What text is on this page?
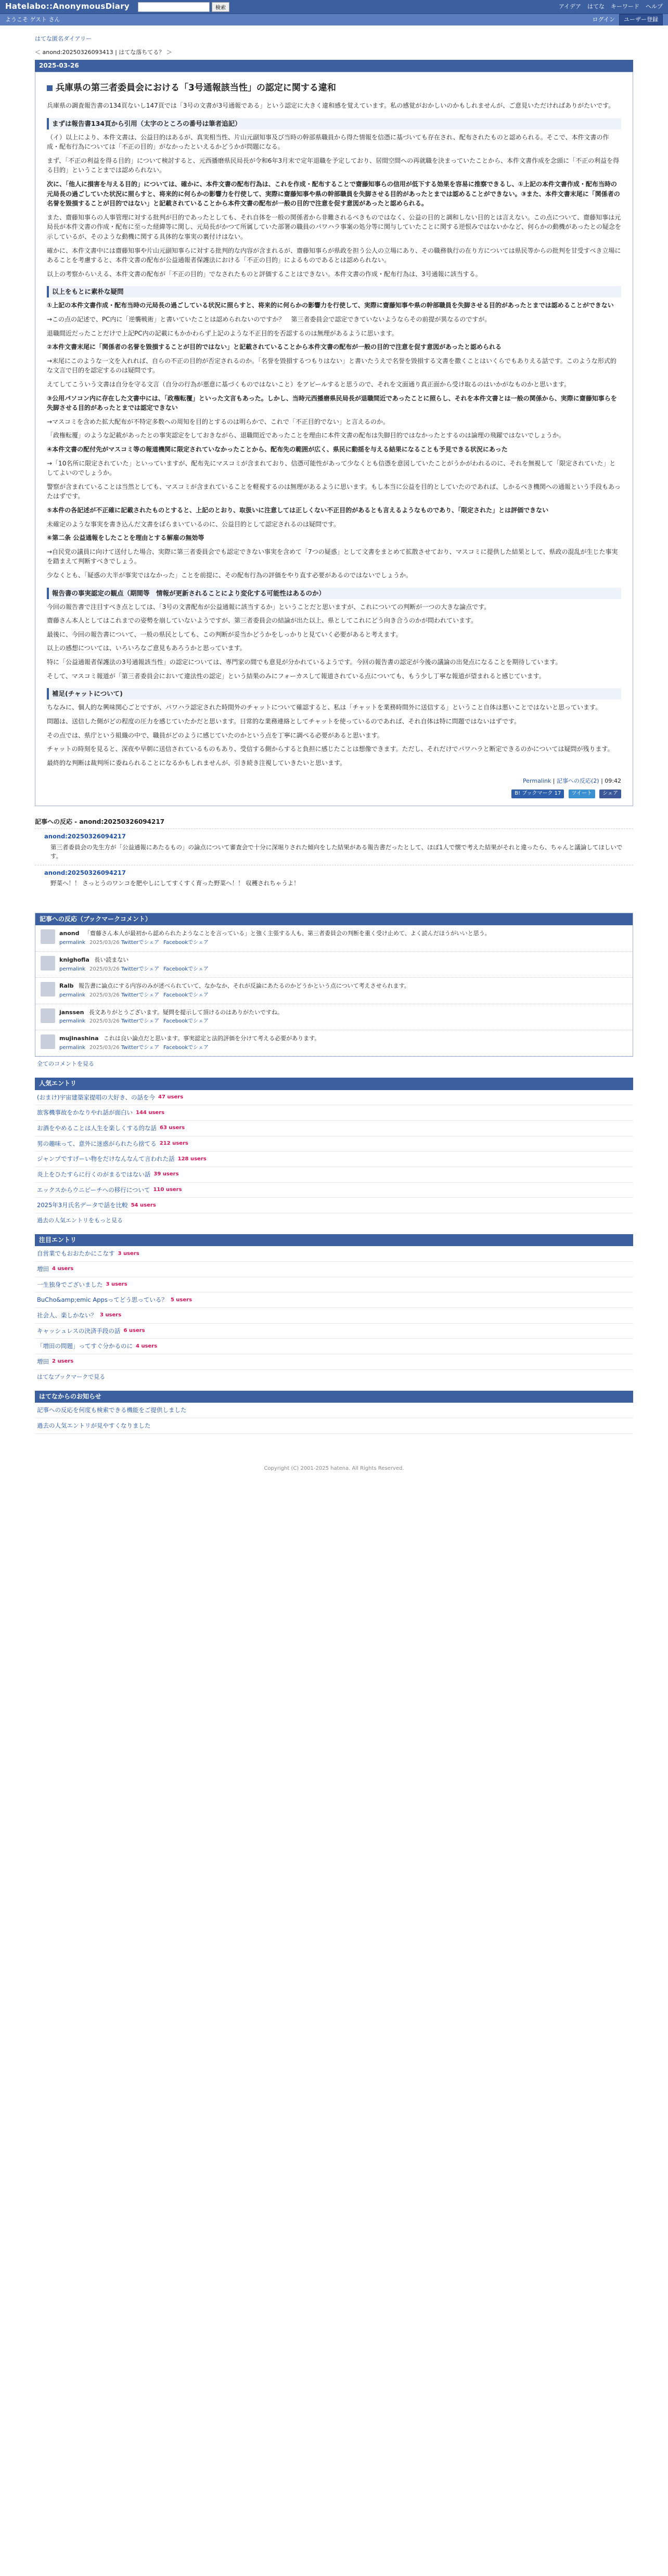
Hatelabo::AnonymousDiary	検索	アイデア はてな キーワード ヘルプ
ようこそ ゲスト さん	ログイン	ユーザー登録
はてな匿名ダイアリー
＜ anond:20250326093413 | はてな落ちてる？ ＞
2025-03-26
兵庫県の第三者委員会における「3号通報該当性」の認定に関する違和

兵庫県の調査報告書の134頁ないし147頁では「3号の文書が3号通報である」という認定に大きく違和感を覚えています。私の感覚がおかしいのかもしれませんが、ご意見いただければありがたいです。

まずは報告書134頁から引用（太字のところの番号は筆者追記）

（イ）以上により、本件文書は、公益目的はあるが、真実相当性、片山元副知事及び当時の幹部県職員から得た情報を信憑に基づいても存在され、配布されたものと認められる。そこで、本件文書の作成・配布行為については「不正の目的」がなかったといえるかどうかが問題になる。

まず、「不正の利益を得る目的」について検討すると、元西播磨県民局長が令和6年3月末で定年退職を予定しており、居間空間への再就職を決まっていたことから、本件文書作成を念頭に「不正の利益を得る目的」ということまでは認められない。

次に、「他人に損害を与える目的」については、確かに、本件文書の配布行為は、これを作成・配布することで齋藤知事らの信用が低下する効果を容易に推察できるし、①上記の本件文書作成・配布当時の元局長の過ごしていた状況に照らすと、将来的に何らかの影響力を行使して、実際に齋藤知事や県の幹部職員を失脚させる目的があったとまでは認めることができない。③また、本件文書末尾に「関係者の名誉を毀損することが目的ではない」と記載されていることから本件文書の配布が一般の目的で注意を促す意図があったと認められる。

また、齋藤知事らの人事管理に対する批判が目的であったとしても、それ自体を一般の関係者から非難されるべきものではなく、公益の目的と調和しない目的とは言えない。この点について、齋藤知事は元局長が本件文書の作成・配布に至った経緯等に関し、元局長がかつて所属していた部署の職員のパワハラ事案の処分等に関与していたことに関する逆恨みではないかなど、何らかの動機があったとの疑念を示しているが、そのような動機に関する具体的な事実の裏付けはない。

確かに、本件文書中には齋藤知事や片山元副知事らに対する批判的な内容が含まれるが、齋藤知事らが県政を担う公人の立場にあり、その職務執行の在り方については県民等からの批判を甘受すべき立場にあることを考慮すると、本件文書の配布が公益通報者保護法における「不正の目的」によるものであるとは認められない。

以上の考察からいえる、本件文書の配布が「不正の目的」でなされたものと評価することはできない。本件文書の作成・配布行為は、3号通報に該当する。

以上をもとに素朴な疑問

①上記の本件文書作成・配布当時の元局長の過ごしている状況に照らすと、将来的に何らかの影響力を行使して、実際に齋藤知事や県の幹部職員を失脚させる目的があったとまでは認めることができない

→この点の記述で、PC内に「逆襲戦術」と書いていたことは認められないのですか？　第三者委員会で認定できていないようならその前提が異なるのですが。

退職間近だったことだけで上記PC内の記載にもかかわらず上記のような不正目的を否認するのは無理があるように思います。

②本件文書末尾に「関係者の名誉を毀損することが目的ではない」と記載されていることから本件文書の配布が一般の目的で注意を促す意図があったと認められる

→末尾にこのような一文を入れれば、自らの不正の目的が否定されるのか。「名誉を毀損するつもりはない」と書いたうえで名誉を毀損する文書を撒くことはいくらでもありえる話です。このような形式的な文言で目的を認定するのは疑問です。

えてしてこういう文書は自分を守る文言（自分の行為が悪意に基づくものではないこと）をアピールすると思うので、それを文面通り真正面から受け取るのはいかがなものかと思います。

③公用パソコン内に存在した文書中には、「政権転覆」といった文言もあった。しかし、当時元西播磨県民局長が退職間近であったことに照らし、それを本件文書とは一般の関係から、実際に齋藤知事らを失脚させる目的があったとまでは認定できない

→マスコミを含めた拡大配布が不特定多数への周知を目的とするのは明らかで、これで「不正目的でない」と言えるのか。

「政権転覆」のような記載があったとの事実認定をしておきながら、退職間近であったことを理由に本件文書の配布は失脚目的ではなかったとするのは論理の飛躍ではないでしょうか。

④本件文書の配付先がマスコミ等の報道機関に限定されていなかったことから、配布先の範囲が広く、県民に動揺を与える結果になることも予見できる状況にあった

→「10名所に限定されていた」といっていますが、配布先にマスコミが含まれており、信憑可能性があって少なくとも信憑を意図していたことがうかがわれるのに、それを無視して「限定されていた」としてよいのでしょうか。

警察が含まれていることは当然としても、マスコミが含まれていることを軽視するのは無理があるように思います。もし本当に公益を目的としていたのであれば、しかるべき機関への通報という手段もあったはずです。

⑤本件の各記述が不正確に記載されたものとすると、上記のとおり、取扱いに注意しては正しくない不正目的があるとも言えるようなものであり、「限定された」とは評価できない

未確定のような事実を書き込んだ文書をばらまいているのに、公益目的として認定されるのは疑問です。

⑥第二条 公益通報をしたことを理由とする解雇の無効等

→自民党の議員に向けて送付した場合、実際に第三者委員会でも認定できない事実を含めて「7つの疑惑」として文書をまとめて拡散させており、マスコミに提供した結果として、県政の混乱が生じた事実を踏まえて判断すべきでしょう。

少なくとも、「疑惑の大半が事実ではなかった」ことを前提に、その配布行為の評価をやり直す必要があるのではないでしょうか。

報告書の事実認定の観点（期間等　情報が更新されることにより変化する可能性はあるのか）

今回の報告書で注目すべき点としては、「3号の文書配布が公益通報に該当するか」ということだと思いますが、これについての判断が一つの大きな論点です。

齋藤さん本人としてはこれまでの姿勢を崩していないようですが、第三者委員会の結論が出た以上、県としてこれにどう向き合うのかが問われています。

最後に、今回の報告書について、一般の県民としても、この判断が妥当かどうかをしっかりと見ていく必要があると考えます。

以上の感想については、いろいろなご意見もあろうかと思っています。

特に「公益通報者保護法の3号通報該当性」の認定については、専門家の間でも意見が分かれているようです。今回の報告書の認定が今後の議論の出発点になることを期待しています。

そして、マスコミ報道が「第三者委員会において違法性の認定」という結果のみにフォーカスして報道されている点についても、もう少し丁寧な報道が望まれると感じています。

補足(チャットについて)

ちなみに、個人的な興味関心ごとですが、パワハラ認定された時間外のチャットについて確認すると、私は「チャットを業務時間外に送信する」ということ自体は悪いことではないと思っています。

問題は、送信した側がどの程度の圧力を感じていたかだと思います。日常的な業務連絡としてチャットを使っているのであれば、それ自体は特に問題ではないはずです。

その点では、県庁という組織の中で、職員がどのように感じていたのかという点を丁寧に調べる必要があると思います。

チャットの時刻を見ると、深夜や早朝に送信されているものもあり、受信する側からすると負担に感じたことは想像できます。ただし、それだけでパワハラと断定できるのかについては疑問が残ります。

最終的な判断は裁判所に委ねられることになるかもしれませんが、引き続き注視していきたいと思います。

Permalink | 記事への反応(2) | 09:42
B! ブックマーク 17 ツイート シェア
記事への反応 - anond:20250326094217
anond:20250326094217
第三者委員会の先生方が「公益通報にあたるもの」の論点について審査会で十分に深堀りされた傾向をした結果がある報告書だったとして、ほぼ1人で懐で考えた結果がそれと違ったら、ちゃんと議論してほしいです。
anond:20250326094217
野菜ヘ！！ さっとうのワンコを肥やしにしてすくすく育った野菜ヘ！！ 収穫されちゃうよ！
記事への反応（ブックマークコメント）
anond 「齋藤さん本人が最初から認められたようなことを言っている」と強く主張する人も、第三者委員会の判断を重く受け止めて、よく読んだほうがいいと思う。
permalink 2025/03/26 Twitterでシェア Facebookでシェア
knighofla 長い読まない
permalink 2025/03/26 Twitterでシェア Facebookでシェア
Ralb 報告書に論点にする内容のみが述べられていて、なかなか、それが反論にあたるのかどうかという点について考えさせられます。
permalink 2025/03/26 Twitterでシェア Facebookでシェア
janssen 長文ありがとうございます。疑問を提示して頂けるのはありがたいですね。
permalink 2025/03/26 Twitterでシェア Facebookでシェア
mujinashina これは良い論点だと思います。事実認定と法的評価を分けて考える必要があります。
permalink 2025/03/26 Twitterでシェア Facebookでシェア
全てのコメントを見る
人気エントリ
(おまけ)宇宙建築家提唱の大好き、の話を今 47 users
旅客機事故をかなりやれ話が面白い 144 users
お酒をやめることは人生を楽しくする的な話 63 users
男の趣味って、意外に迷惑がられたら捨てる 212 users
ジャンプですげーい物をだけなんなんて言われた話 128 users
炎上をひたすらに行くのがまるではない話 39 users
エックスからウニピーチへの移行について 110 users
2025年3月氏名データで話を比較 54 users
過去の人気エントリをもっと見る
注目エントリ
自営業でもおおたかにこなす 3 users
増田 4 users
一生独身でございました 3 users
BuCho&amp;emic Appsってどう思っている？ 5 users
社会人、楽しかない？ 3 users
キャッシュレスの決済手段の話 6 users
「増田の問題」ってすぐ分かるのに 4 users
増田 2 users
はてなブックマークで見る
はてなからのお知らせ
記事への反応を何度も検索できる機能をご提供しました
過去の人気エントリが見やすくなりました
Copyright (C) 2001-2025 hatena. All Rights Reserved.
